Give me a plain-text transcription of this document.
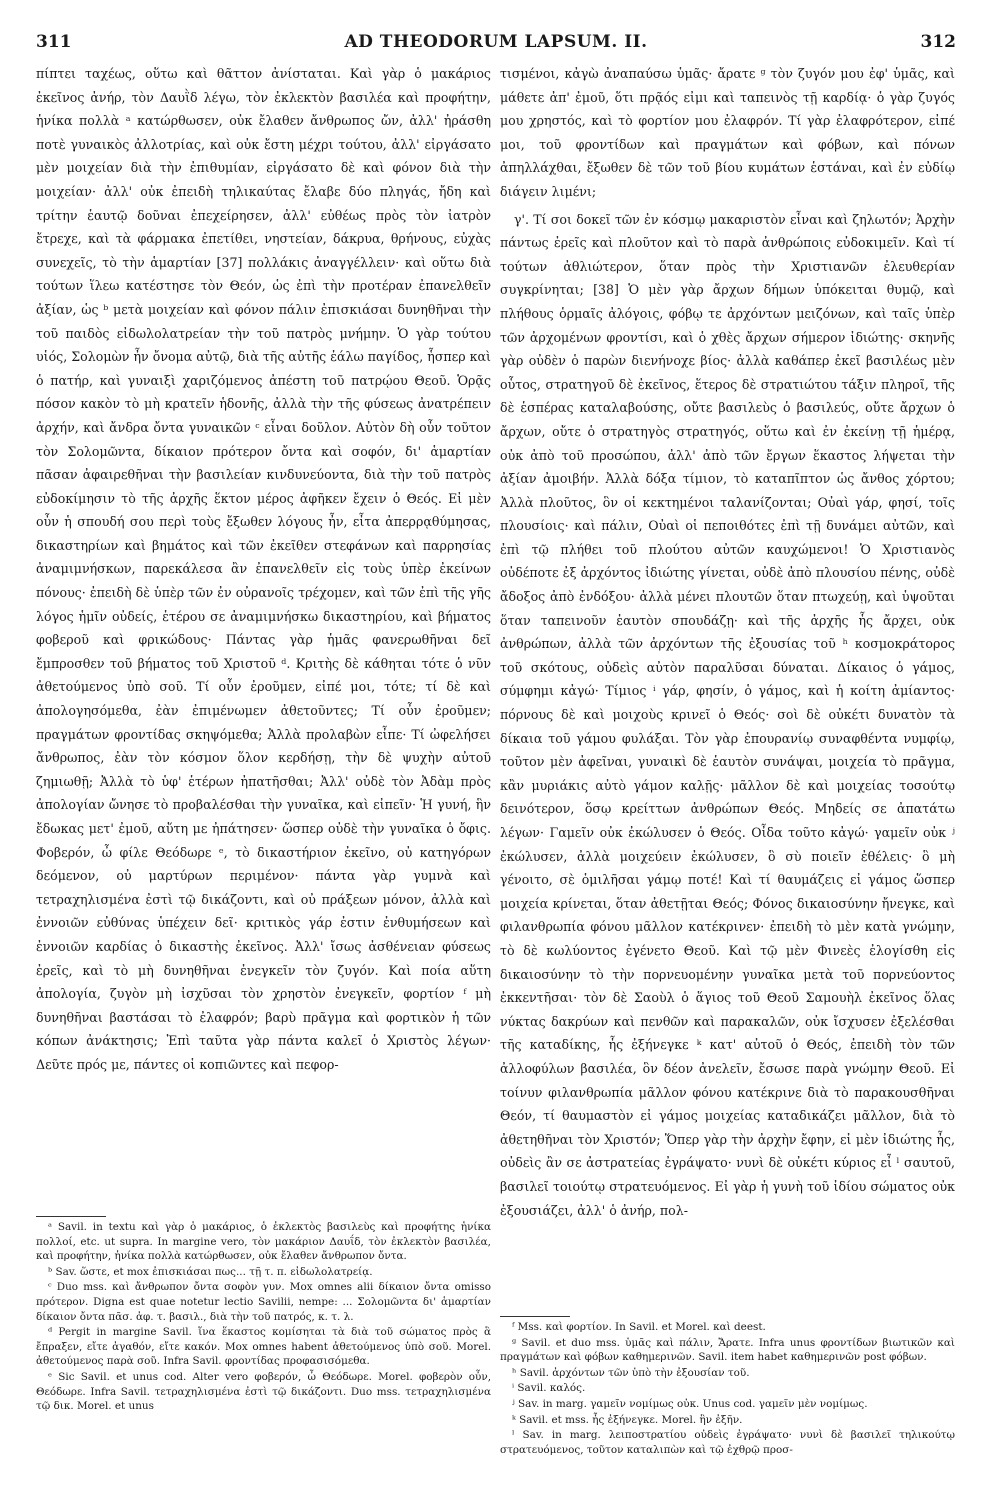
311	AD THEODORUM LAPSUM. II.	312

πίπτει ταχέως, οὕτω καὶ θᾶττον ἀνίσταται. Καὶ γὰρ ὁ μακάριος ἐκεῖνος ἀνήρ, τὸν Δαυῒδ λέγω, τὸν ἐκλεκτὸν βασιλέα καὶ προφήτην, ἡνίκα πολλὰ ᵃ κατώρθωσεν, οὐκ ἔλαθεν ἄνθρωπος ὤν, ἀλλ' ἠράσθη ποτὲ γυναικὸς ἀλλοτρίας, καὶ οὐκ ἔστη μέχρι τούτου, ἀλλ' εἰργάσατο μὲν μοιχείαν διὰ τὴν ἐπιθυμίαν, εἰργάσατο δὲ καὶ φόνον διὰ τὴν μοιχείαν· ἀλλ' οὐκ ἐπειδὴ τηλικαύτας ἔλαβε δύο πληγάς, ἤδη καὶ τρίτην ἑαυτῷ δοῦναι ἐπεχείρησεν, ἀλλ' εὐθέως πρὸς τὸν ἰατρὸν ἔτρεχε, καὶ τὰ φάρμακα ἐπετίθει, νηστείαν, δάκρυα, θρήνους, εὐχὰς συνεχεῖς, τὸ τὴν ἁμαρτίαν [37] πολλάκις ἀναγγέλλειν· καὶ οὕτω διὰ τούτων ἵλεω κατέστησε τὸν Θεόν, ὡς ἐπὶ τὴν προτέραν ἐπανελθεῖν ἀξίαν, ὡς ᵇ μετὰ μοιχείαν καὶ φόνον πάλιν ἐπισκιάσαι δυνηθῆναι τὴν τοῦ παιδὸς εἰδωλολατρείαν τὴν τοῦ πατρὸς μνήμην. Ὁ γὰρ τούτου υἱός, Σολομὼν ἦν ὄνομα αὐτῷ, διὰ τῆς αὐτῆς ἑάλω παγίδος, ἧσπερ καὶ ὁ πατήρ, καὶ γυναιξὶ χαριζόμενος ἀπέστη τοῦ πατρῴου Θεοῦ. Ὁρᾷς πόσον κακὸν τὸ μὴ κρατεῖν ἡδονῆς, ἀλλὰ τὴν τῆς φύσεως ἀνατρέπειν ἀρχήν, καὶ ἄνδρα ὄντα γυναικῶν ᶜ εἶναι δοῦλον. Αὐτὸν δὴ οὖν τοῦτον τὸν Σολομῶντα, δίκαιον πρότερον ὄντα καὶ σοφόν, δι' ἁμαρτίαν πᾶσαν ἀφαιρεθῆναι τὴν βασιλείαν κινδυνεύοντα, διὰ τὴν τοῦ πατρὸς εὐδοκίμησιν τὸ τῆς ἀρχῆς ἕκτον μέρος ἀφῆκεν ἔχειν ὁ Θεός. Εἰ μὲν οὖν ἡ σπουδή σου περὶ τοὺς ἔξωθεν λόγους ἦν, εἶτα ἀπερρᾳθύμησας, δικαστηρίων καὶ βημάτος καὶ τῶν ἐκεῖθεν στεφάνων καὶ παρρησίας ἀναμιμνήσκων, παρεκάλεσα ἂν ἐπανελθεῖν εἰς τοὺς ὑπὲρ ἐκείνων πόνους· ἐπειδὴ δὲ ὑπὲρ τῶν ἐν οὐρανοῖς τρέχομεν, καὶ τῶν ἐπὶ τῆς γῆς λόγος ἡμῖν οὐδείς, ἑτέρου σε ἀναμιμνήσκω δικαστηρίου, καὶ βήματος φοβεροῦ καὶ φρικώδους· Πάντας γὰρ ἡμᾶς φανερωθῆναι δεῖ ἔμπροσθεν τοῦ βήματος τοῦ Χριστοῦ ᵈ. Κριτὴς δὲ κάθηται τότε ὁ νῦν ἀθετούμενος ὑπὸ σοῦ. Τί οὖν ἐροῦμεν, εἰπέ μοι, τότε; τί δὲ καὶ ἀπολογησόμεθα, ἐὰν ἐπιμένωμεν ἀθετοῦντες; Τί οὖν ἐροῦμεν; πραγμάτων φροντίδας σκηψόμεθα; Ἀλλὰ προλαβὼν εἶπε· Τί ὠφελήσει ἄνθρωπος, ἐὰν τὸν κόσμον ὅλον κερδήσῃ, τὴν δὲ ψυχὴν αὐτοῦ ζημιωθῇ; Ἀλλὰ τὸ ὑφ' ἑτέρων ἠπατῆσθαι; Ἀλλ' οὐδὲ τὸν Ἀδὰμ πρὸς ἀπολογίαν ὤνησε τὸ προβαλέσθαι τὴν γυναῖκα, καὶ εἰπεῖν· Ἡ γυνή, ἣν ἔδωκας μετ' ἐμοῦ, αὕτη με ἠπάτησεν· ὥσπερ οὐδὲ τὴν γυναῖκα ὁ ὄφις. Φοβερόν, ὦ φίλε Θεόδωρε ᵉ, τὸ δικαστήριον ἐκεῖνο, οὐ κατηγόρων δεόμενον, οὐ μαρτύρων περιμένον· πάντα γὰρ γυμνὰ καὶ τετραχηλισμένα ἐστὶ τῷ δικάζοντι, καὶ οὐ πράξεων μόνον, ἀλλὰ καὶ ἐννοιῶν εὐθύνας ὑπέχειν δεῖ· κριτικὸς γάρ ἐστιν ἐνθυμήσεων καὶ ἐννοιῶν καρδίας ὁ δικαστὴς ἐκεῖνος. Ἀλλ' ἴσως ἀσθένειαν φύσεως ἐρεῖς, καὶ τὸ μὴ δυνηθῆναι ἐνεγκεῖν τὸν ζυγόν. Καὶ ποία αὕτη ἀπολογία, ζυγὸν μὴ ἰσχῦσαι τὸν χρηστὸν ἐνεγκεῖν, φορτίον ᶠ μὴ δυνηθῆναι βαστάσαι τὸ ἐλαφρόν; βαρὺ πρᾶγμα καὶ φορτικὸν ἡ τῶν κόπων ἀνάκτησις; Ἐπὶ ταῦτα γὰρ πάντα καλεῖ ὁ Χριστὸς λέγων· Δεῦτε πρός με, πάντες οἱ κοπιῶντες καὶ πεφορ-

τισμένοι, κἀγὼ ἀναπαύσω ὑμᾶς· ἄρατε ᵍ τὸν ζυγόν μου ἐφ' ὑμᾶς, καὶ μάθετε ἀπ' ἐμοῦ, ὅτι πρᾷός εἰμι καὶ ταπεινὸς τῇ καρδίᾳ· ὁ γὰρ ζυγός μου χρηστός, καὶ τὸ φορτίον μου ἐλαφρόν. Τί γὰρ ἐλαφρότερον, εἰπέ μοι, τοῦ φροντίδων καὶ πραγμάτων καὶ φόβων, καὶ πόνων ἀπηλλάχθαι, ἔξωθεν δὲ τῶν τοῦ βίου κυμάτων ἑστάναι, καὶ ἐν εὐδίῳ διάγειν λιμένι;

γ'. Τί σοι δοκεῖ τῶν ἐν κόσμῳ μακαριστὸν εἶναι καὶ ζηλωτόν; Ἀρχὴν πάντως ἐρεῖς καὶ πλοῦτον καὶ τὸ παρὰ ἀνθρώποις εὐδοκιμεῖν. Καὶ τί τούτων ἀθλιώτερον, ὅταν πρὸς τὴν Χριστιανῶν ἐλευθερίαν συγκρίνηται; [38] Ὁ μὲν γὰρ ἄρχων δήμων ὑπόκειται θυμῷ, καὶ πλήθους ὁρμαῖς ἀλόγοις, φόβῳ τε ἀρχόντων μειζόνων, καὶ ταῖς ὑπὲρ τῶν ἀρχομένων φροντίσι, καὶ ὁ χθὲς ἄρχων σήμερον ἰδιώτης· σκηνῆς γὰρ οὐδὲν ὁ παρὼν διενήνοχε βίος· ἀλλὰ καθάπερ ἐκεῖ βασιλέως μὲν οὗτος, στρατηγοῦ δὲ ἐκεῖνος, ἕτερος δὲ στρατιώτου τάξιν πληροῖ, τῆς δὲ ἑσπέρας καταλαβούσης, οὔτε βασιλεὺς ὁ βασιλεύς, οὔτε ἄρχων ὁ ἄρχων, οὔτε ὁ στρατηγὸς στρατηγός, οὕτω καὶ ἐν ἐκείνῃ τῇ ἡμέρᾳ, οὐκ ἀπὸ τοῦ προσώπου, ἀλλ' ἀπὸ τῶν ἔργων ἕκαστος λήψεται τὴν ἀξίαν ἀμοιβήν. Ἀλλὰ δόξα τίμιον, τὸ καταπῖπτον ὡς ἄνθος χόρτου; Ἀλλὰ πλοῦτος, ὃν οἱ κεκτημένοι ταλανίζονται; Οὐαὶ γάρ, φησί, τοῖς πλουσίοις· καὶ πάλιν, Οὐαὶ οἱ πεποιθότες ἐπὶ τῇ δυνάμει αὐτῶν, καὶ ἐπὶ τῷ πλήθει τοῦ πλούτου αὐτῶν καυχώμενοι! Ὁ Χριστιανὸς οὐδέποτε ἐξ ἀρχόντος ἰδιώτης γίνεται, οὐδὲ ἀπὸ πλουσίου πένης, οὐδὲ ἄδοξος ἀπὸ ἐνδόξου· ἀλλὰ μένει πλουτῶν ὅταν πτωχεύῃ, καὶ ὑψοῦται ὅταν ταπεινοῦν ἑαυτὸν σπουδάζῃ· καὶ τῆς ἀρχῆς ἧς ἄρχει, οὐκ ἀνθρώπων, ἀλλὰ τῶν ἀρχόντων τῆς ἐξουσίας τοῦ ʰ κοσμοκράτορος τοῦ σκότους, οὐδεὶς αὐτὸν παραλῦσαι δύναται. Δίκαιος ὁ γάμος, σύμφημι κἀγώ· Τίμιος ⁱ γάρ, φησίν, ὁ γάμος, καὶ ἡ κοίτη ἀμίαντος· πόρνους δὲ καὶ μοιχοὺς κρινεῖ ὁ Θεός· σοὶ δὲ οὐκέτι δυνατὸν τὰ δίκαια τοῦ γάμου φυλάξαι. Τὸν γὰρ ἐπουρανίῳ συναφθέντα νυμφίῳ, τοῦτον μὲν ἀφεῖναι, γυναικὶ δὲ ἑαυτὸν συνάψαι, μοιχεία τὸ πρᾶγμα, κἂν μυριάκις αὐτὸ γάμον καλῇς· μᾶλλον δὲ καὶ μοιχείας τοσούτῳ δεινότερον, ὅσῳ κρείττων ἀνθρώπων Θεός. Μηδείς σε ἀπατάτω λέγων· Γαμεῖν οὐκ ἐκώλυσεν ὁ Θεός. Οἶδα τοῦτο κἀγώ· γαμεῖν οὐκ ʲ ἐκώλυσεν, ἀλλὰ μοιχεύειν ἐκώλυσεν, ὃ σὺ ποιεῖν ἐθέλεις· ὃ μὴ γένοιτο, σὲ ὁμιλῆσαι γάμῳ ποτέ! Καὶ τί θαυμάζεις εἰ γάμος ὥσπερ μοιχεία κρίνεται, ὅταν ἀθετῇται Θεός; Φόνος δικαιοσύνην ἤνεγκε, καὶ φιλανθρωπία φόνου μᾶλλον κατέκρινεν· ἐπειδὴ τὸ μὲν κατὰ γνώμην, τὸ δὲ κωλύοντος ἐγένετο Θεοῦ. Καὶ τῷ μὲν Φινεὲς ἐλογίσθη εἰς δικαιοσύνην τὸ τὴν πορνευομένην γυναῖκα μετὰ τοῦ πορνεύοντος ἐκκεντῆσαι· τὸν δὲ Σαοὺλ ὁ ἅγιος τοῦ Θεοῦ Σαμουὴλ ἐκεῖνος ὅλας νύκτας δακρύων καὶ πενθῶν καὶ παρακαλῶν, οὐκ ἴσχυσεν ἐξελέσθαι τῆς καταδίκης, ἧς ἐξήνεγκε ᵏ κατ' αὐτοῦ ὁ Θεός, ἐπειδὴ τὸν τῶν ἀλλοφύλων βασιλέα, ὃν δέον ἀνελεῖν, ἔσωσε παρὰ γνώμην Θεοῦ. Εἰ τοίνυν φιλανθρωπία μᾶλλον φόνου κατέκρινε διὰ τὸ παρακουσθῆναι Θεόν, τί θαυμαστὸν εἰ γάμος μοιχείας καταδικάζει μᾶλλον, διὰ τὸ ἀθετηθῆναι τὸν Χριστόν; Ὅπερ γὰρ τὴν ἀρχὴν ἔφην, εἰ μὲν ἰδιώτης ἦς, οὐδεὶς ἂν σε ἀστρατείας ἐγράψατο· νυνὶ δὲ οὐκέτι κύριος εἶ ˡ σαυτοῦ, βασιλεῖ τοιούτῳ στρατευόμενος. Εἰ γὰρ ἡ γυνὴ τοῦ ἰδίου σώματος οὐκ ἐξουσιάζει, ἀλλ' ὁ ἀνήρ, πολ-

ᵃ Savil. in textu καὶ γὰρ ὁ μακάριος, ὁ ἐκλεκτὸς βασιλεὺς καὶ προφήτης ἡνίκα πολλοί, etc. ut supra. In margine vero, τὸν μακάριον Δαυΐδ, τὸν ἐκλεκτὸν βασιλέα, καὶ προφήτην, ἡνίκα πολλὰ κατώρθωσεν, οὐκ ἔλαθεν ἄνθρωπον ὄντα.
ᵇ Sav. ὥστε, et mox ἐπισκιάσαι πως... τῇ τ. π. εἰδωλολατρείᾳ.
ᶜ Duo mss. καὶ ἄνθρωπον ὄντα σοφὸν γυν. Mox omnes alii δίκαιον ὄντα omisso πρότερον. Digna est quae notetur lectio Savilii, nempe: ... Σολομῶντα δι' ἁμαρτίαν δίκαιον ὄντα πᾶσ. ἀφ. τ. βασιλ., διὰ τὴν τοῦ πατρός, κ. τ. λ.
ᵈ Pergit in margine Savil. ἵνα ἕκαστος κομίσηται τὰ διὰ τοῦ σώματος πρὸς ἃ ἔπραξεν, εἴτε ἀγαθόν, εἴτε κακόν. Mox omnes habent ἀθετούμενος ὑπὸ σοῦ. Morel. ἀθετούμενος παρὰ σοῦ. Infra Savil. φροντίδας προφασισόμεθα.
ᵉ Sic Savil. et unus cod. Alter vero φοβερόν, ὦ Θεόδωρε. Morel. φοβερὸν οὖν, Θεόδωρε. Infra Savil. τετραχηλισμένα ἐστὶ τῷ δικάζοντι. Duo mss. τετραχηλισμένα τῷ δικ. Morel. et unus
ᶠ Mss. καὶ φορτίον. In Savil. et Morel. καὶ deest.
ᵍ Savil. et duo mss. ὑμᾶς καὶ πάλιν, Ἄρατε. Infra unus φροντίδων βιωτικῶν καὶ πραγμάτων καὶ φόβων καθημερινῶν. Savil. item habet καθημερινῶν post φόβων.
ʰ Savil. ἀρχόντων τῶν ὑπὸ τὴν ἐξουσίαν τοῦ.
ⁱ Savil. καλός.
ʲ Sav. in marg. γαμεῖν νομίμως οὐκ. Unus cod. γαμεῖν μὲν νομίμως.
ᵏ Savil. et mss. ἧς ἐξήνεγκε. Morel. ἣν ἐξῆν.
ˡ Sav. in marg. λειποστρατίου οὐδεὶς ἐγράψατο· νυνὶ δὲ βασιλεῖ τηλικούτῳ στρατευόμενος, τοῦτον καταλιπὼν καὶ τῷ ἐχθρῷ προσ-
